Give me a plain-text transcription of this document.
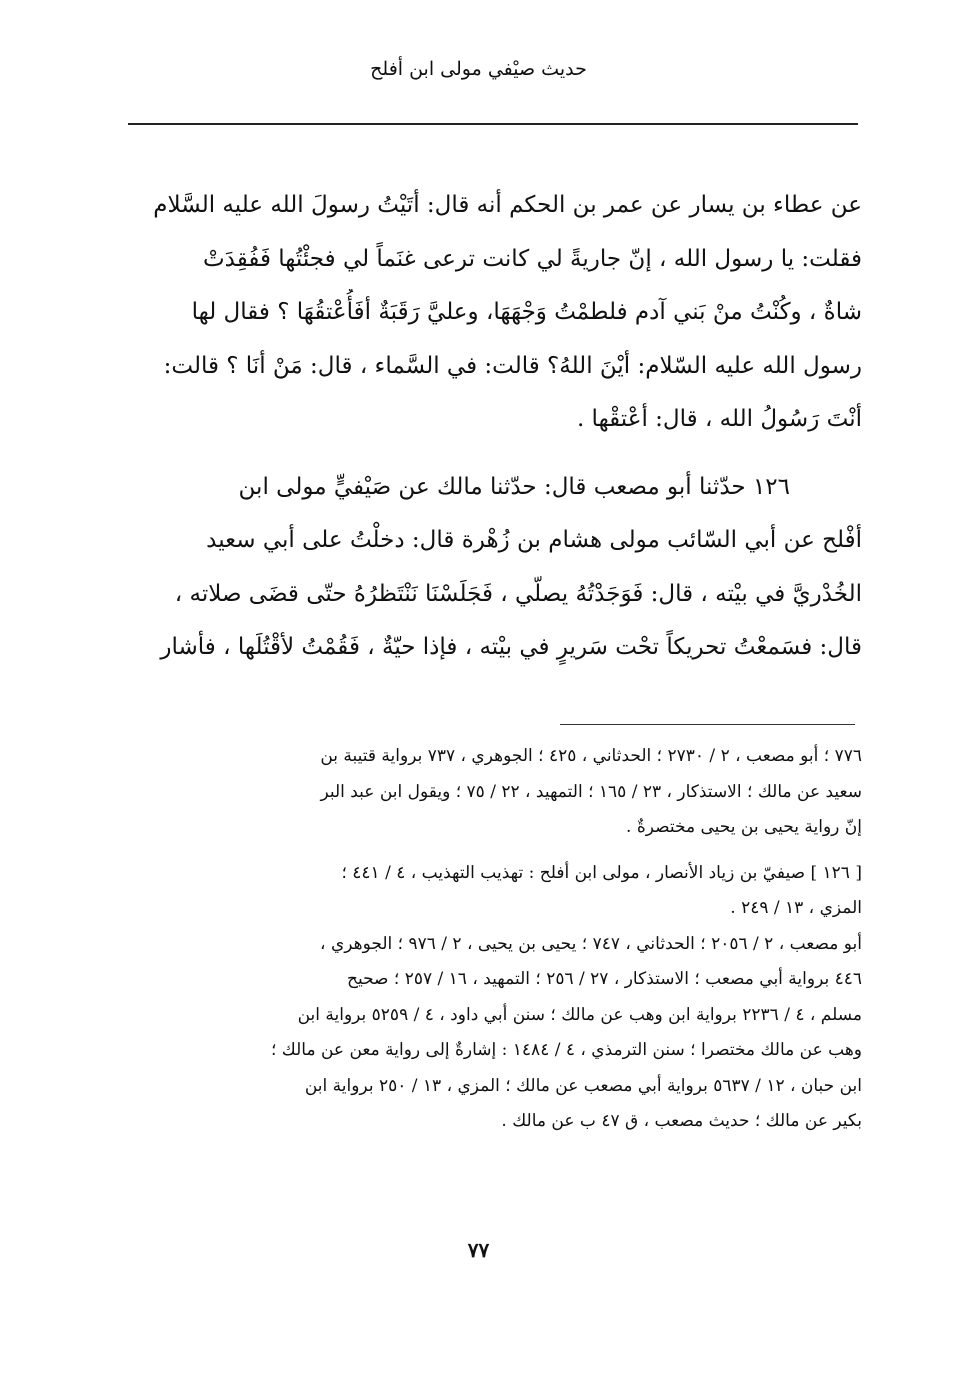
حديث صيْفي مولى ابن أفلح
عن عطاء بن يسار عن عمر بن الحكم أنه قال: أتَيْتُ رسولَ الله عليه السَّلام
فقلت: يا رسول الله ، إنّ جاريةً لي كانت ترعى غنَماً لي فجئْتُها فَفُقِدَتْ
شاةٌ ، وكُنْتُ منْ بَني آدم فلطمْتُ وَجْهَهَا، وعليَّ رَقَبَةٌ أفَأُعْتقُهَا ؟ فقال لها
رسول الله عليه السّلام: أيْنَ اللهُ؟ قالت: في السَّماء ، قال: مَنْ أنَا ؟ قالت:
أنْتَ رَسُولُ الله ، قال: أعْتقْها .
١٢٦ حدّثنا أبو مصعب قال: حدّثنا مالك عن صَيْفيٍّ مولى ابن
أفْلح عن أبي السّائب مولى هشام بن زُهْرة قال: دخلْتُ على أبي سعيد
الخُدْريَّ في بيْته ، قال: فَوَجَدْتُهُ يصلّي ، فَجَلَسْنَا نَنْتَظرُهُ حتّى قضَى صلاته ،
قال: فسَمعْتُ تحريكاً تحْت سَريرٍ في بيْته ، فإذا حيّةٌ ، فَقُمْتُ لأقْتُلَها ، فأشار
٧٧٦ ؛ أبو مصعب ، ٢ / ٢٧٣٠ ؛ الحدثاني ، ٤٢٥ ؛ الجوهري ، ٧٣٧ برواية قتيبة بن
سعيد عن مالك ؛ الاستذكار ، ٢٣ / ١٦٥ ؛ التمهيد ، ٢٢ / ٧٥ ؛ ويقول ابن عبد البر
إنّ رواية يحيى بن يحيى مختصرةٌ .
[ ١٢٦ ] صيفيّ بن زياد الأنصار ، مولى ابن أفلح : تهذيب التهذيب ، ٤ / ٤٤١ ؛
المزي ، ١٣ / ٢٤٩ .
أبو مصعب ، ٢ / ٢٠٥٦ ؛ الحدثاني ، ٧٤٧ ؛ يحيى بن يحيى ، ٢ / ٩٧٦ ؛ الجوهري ،
٤٤٦ برواية أبي مصعب ؛ الاستذكار ، ٢٧ / ٢٥٦ ؛ التمهيد ، ١٦ / ٢٥٧ ؛ صحيح
مسلم ، ٤ / ٢٢٣٦ برواية ابن وهب عن مالك ؛ سنن أبي داود ، ٤ / ٥٢٥٩ برواية ابن
وهب عن مالك مختصرا ؛ سنن الترمذي ، ٤ / ١٤٨٤ : إشارةٌ إلى رواية معن عن مالك ؛
ابن حبان ، ١٢ / ٥٦٣٧ برواية أبي مصعب عن مالك ؛ المزي ، ١٣ / ٢٥٠ برواية ابن
بكير عن مالك ؛ حديث مصعب ، ق ٤٧ ب عن مالك .
٧٧
